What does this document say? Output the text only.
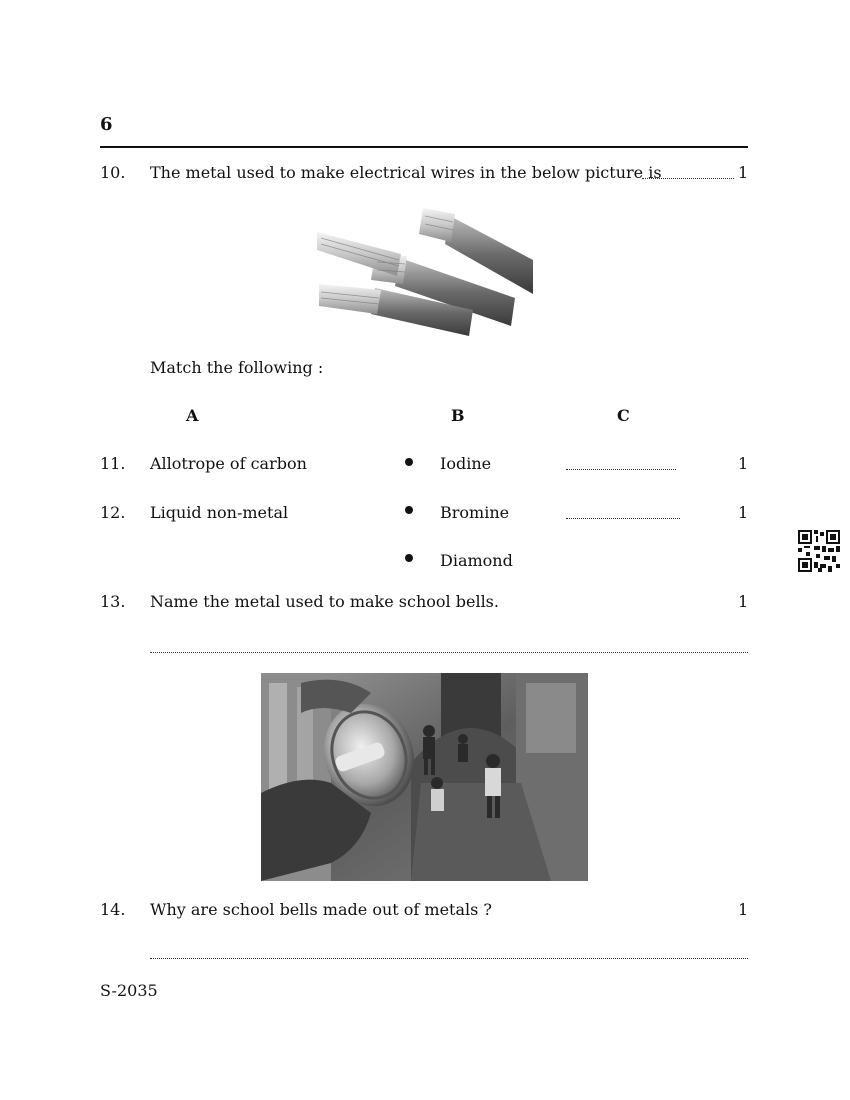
6
10. The metal used to make electrical wires in the below picture is	1
Match the following :
A	B	C
11. Allotrope of carbon	Iodine	1
12. Liquid non-metal	Bromine	1
Diamond
13. Name the metal used to make school bells.	1
14. Why are school bells made out of metals ?	1
S-2035
